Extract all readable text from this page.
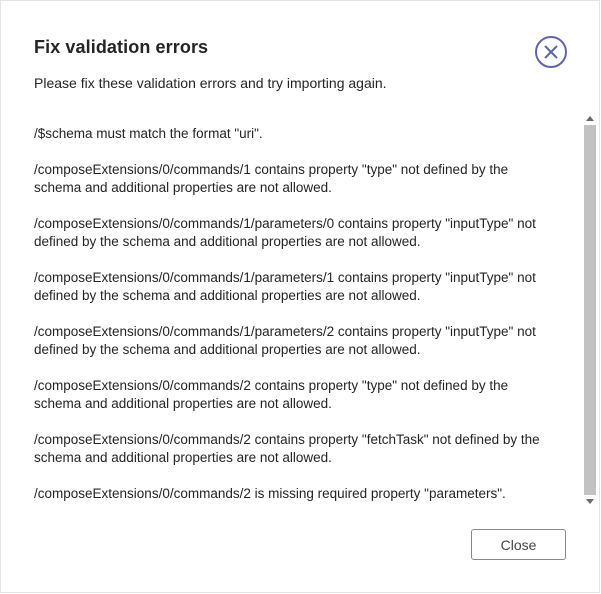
Fix validation errors

Please fix these validation errors and try importing again.

/$schema must match the format "uri".
/composeExtensions/0/commands/1 contains property "type" not defined by the schema and additional properties are not allowed.
/composeExtensions/0/commands/1/parameters/0 contains property "inputType" not defined by the schema and additional properties are not allowed.
/composeExtensions/0/commands/1/parameters/1 contains property "inputType" not defined by the schema and additional properties are not allowed.
/composeExtensions/0/commands/1/parameters/2 contains property "inputType" not defined by the schema and additional properties are not allowed.
/composeExtensions/0/commands/2 contains property "type" not defined by the schema and additional properties are not allowed.
/composeExtensions/0/commands/2 contains property "fetchTask" not defined by the schema and additional properties are not allowed.
/composeExtensions/0/commands/2 is missing required property "parameters".
Close
